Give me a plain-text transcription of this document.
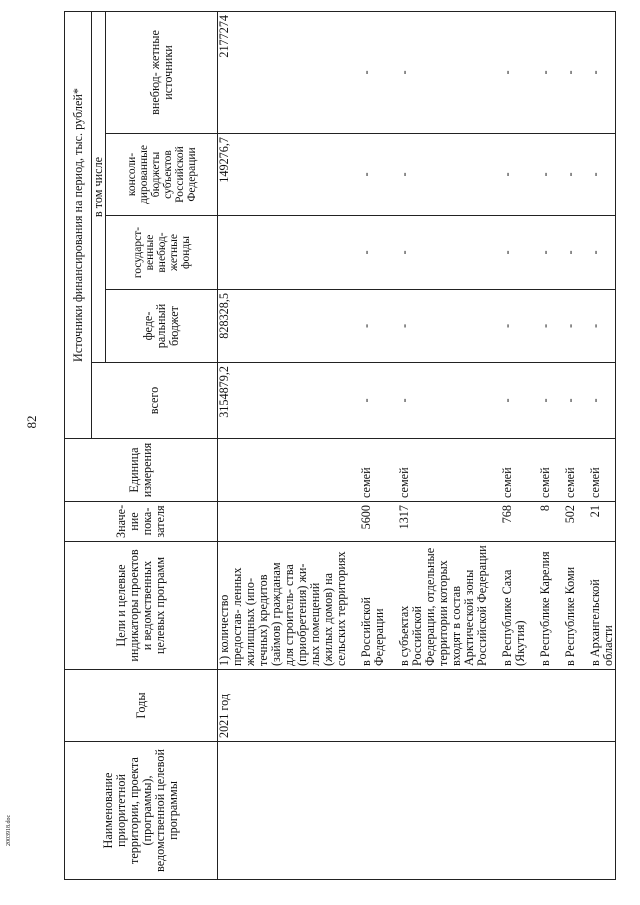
2003918.doc	Наименование приоритетной территории, проекта (программы), ведомственной целевой программы	Годы	Цели и целевые индикаторы проектов и ведомственных целевых программ	Значе- ние пока- зателя	Единица измерения	Источники финансирования на период, тыс. рублей*				
					всего	в том числе			
						феде- ральный бюджет	государст- венные внебюд- жетные фонды	консоли- дированные бюджеты субъектов Российской Федерации	внебюд- жетные источники
	2021 год	1) количество предостав- ленных жилищных (ипо- течных) кредитов (займов) гражданам для строитель- ства (приобретения) жи- лых помещений (жилых домов) на сельских территориях			3154879,2	828328,5		149276,7	2177274
		в Российской Федерации	5600	семей	-	-	-	-	-
		в субъектах Российской Федерации, отдельные территории которых входят в состав Арктической зоны Российской Федерации	1317	семей	-	-	-	-	-
		в Республике Саха (Якутия)	768	семей	-	-	-	-	-
		в Республике Карелия	8	семей	-	-	-	-	-
		в Республике Коми	502	семей	-	-	-	-	-
		в Архангельской области	21	семей	-	-	-	-	-
82
